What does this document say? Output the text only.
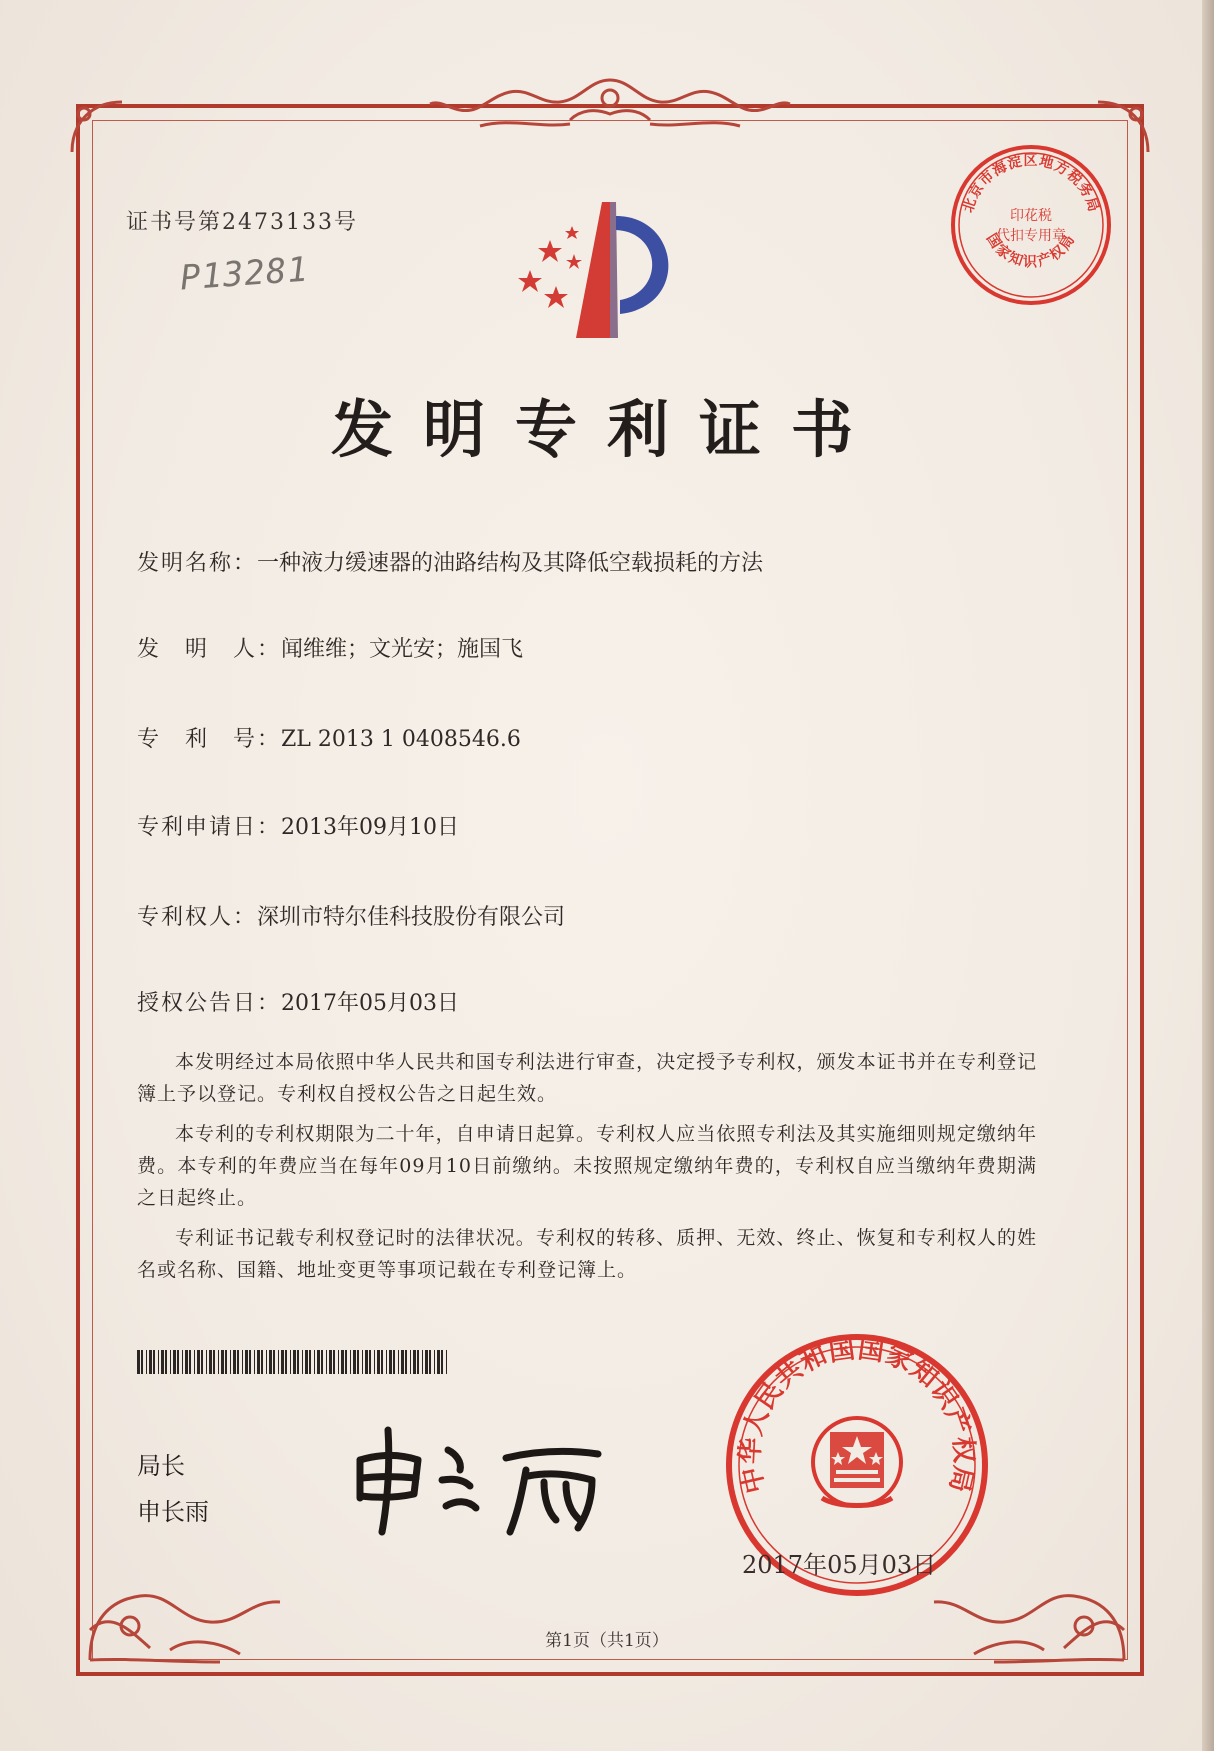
证书号第2473133号
P13281
北京市海淀区地方税务局
印花税
代扣专用章
国家知识产权局
发明专利证书
发明名称：一种液力缓速器的油路结构及其降低空载损耗的方法
发　明　人：闻维维；文光安；施国飞
专　利　号：ZL 2013 1 0408546.6
专利申请日：2013年09月10日
专利权人：深圳市特尔佳科技股份有限公司
授权公告日：2017年05月03日
本发明经过本局依照中华人民共和国专利法进行审查，决定授予专利权，颁发本证书并在专利登记簿上予以登记。专利权自授权公告之日起生效。
本专利的专利权期限为二十年，自申请日起算。专利权人应当依照专利法及其实施细则规定缴纳年费。本专利的年费应当在每年09月10日前缴纳。未按照规定缴纳年费的，专利权自应当缴纳年费期满之日起终止。
专利证书记载专利权登记时的法律状况。专利权的转移、质押、无效、终止、恢复和专利权人的姓名或名称、国籍、地址变更等事项记载在专利登记簿上。
局长
申长雨
中华人民共和国国家知识产权局
2017年05月03日
第1页（共1页）
